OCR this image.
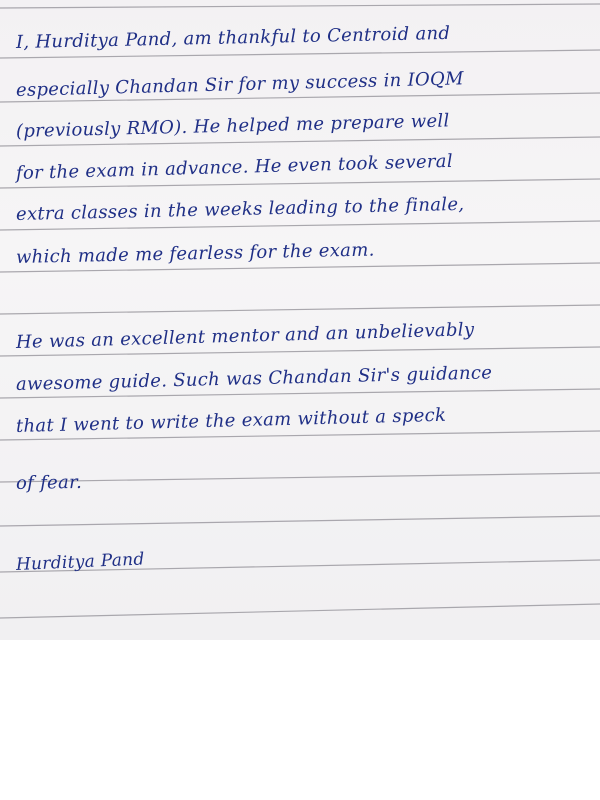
I, Hurditya Pand, am thankful to Centroid and
especially Chandan Sir for my success in IOQM
(previously RMO). He helped me prepare well
for the exam in advance. He even took several
extra classes in the weeks leading to the finale,
which made me fearless for the exam.
He was an excellent mentor and an unbelievably
awesome guide. Such was Chandan Sir's guidance
that I went to write the exam without a speck
of fear.
Hurditya Pand
